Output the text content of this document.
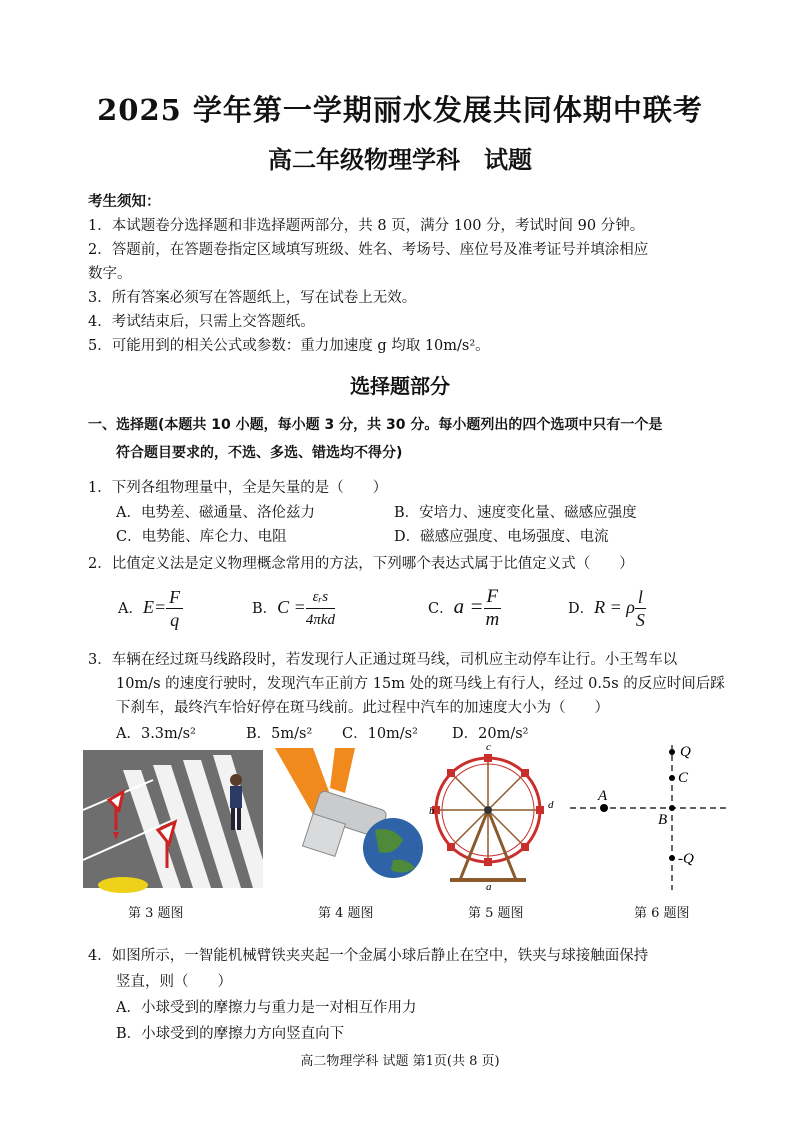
2025 学年第一学期丽水发展共同体期中联考
高二年级物理学科　试题
考生须知：
1．本试题卷分选择题和非选择题两部分，共 8 页，满分 100 分，考试时间 90 分钟。
2．答题前，在答题卷指定区域填写班级、姓名、考场号、座位号及准考证号并填涂相应
数字。
3．所有答案必须写在答题纸上，写在试卷上无效。
4．考试结束后，只需上交答题纸。
5．可能用到的相关公式或参数：重力加速度 g 均取 10m/s²。
选择题部分
一、选择题(本题共 10 小题，每小题 3 分，共 30 分。每小题列出的四个选项中只有一个是
符合题目要求的，不选、多选、错选均不得分)
1．下列各组物理量中，全是矢量的是（　　）
A．电势差、磁通量、洛伦兹力	B．安培力、速度变化量、磁感应强度
C．电势能、库仑力、电阻	D．磁感应强度、电场强度、电流
2．比值定义法是定义物理概念常用的方法，下列哪个表达式属于比值定义式（　　）
A．$E= \frac{F}{q}$	B．$C = \frac{\text{εᵣs}}{\text{4πkd}}$	C．$a = \frac{F}{m}$	D．R = ρ $\frac{l}{S}$
3．车辆在经过斑马线路段时，若发现行人正通过斑马线，司机应主动停车让行。小王驾车以
10m/s 的速度行驶时，发现汽车正前方 15m 处的斑马线上有行人，经过 0.5s 的反应时间后踩
下刹车，最终汽车恰好停在斑马线前。此过程中汽车的加速度大小为（　　）
A．3.3m/s²	B．5m/s² C．10m/s² D．20m/s²
c
b	d
a
Q
C
A
B
-Q
第 3 题图	第 4 题图	第 5 题图	第 6 题图
4．如图所示，一智能机械臂铁夹夹起一个金属小球后静止在空中，铁夹与球接触面保持
竖直，则（　　）
A．小球受到的摩擦力与重力是一对相互作用力
B．小球受到的摩擦力方向竖直向下
高二物理学科 试题 第1页(共 8 页)
